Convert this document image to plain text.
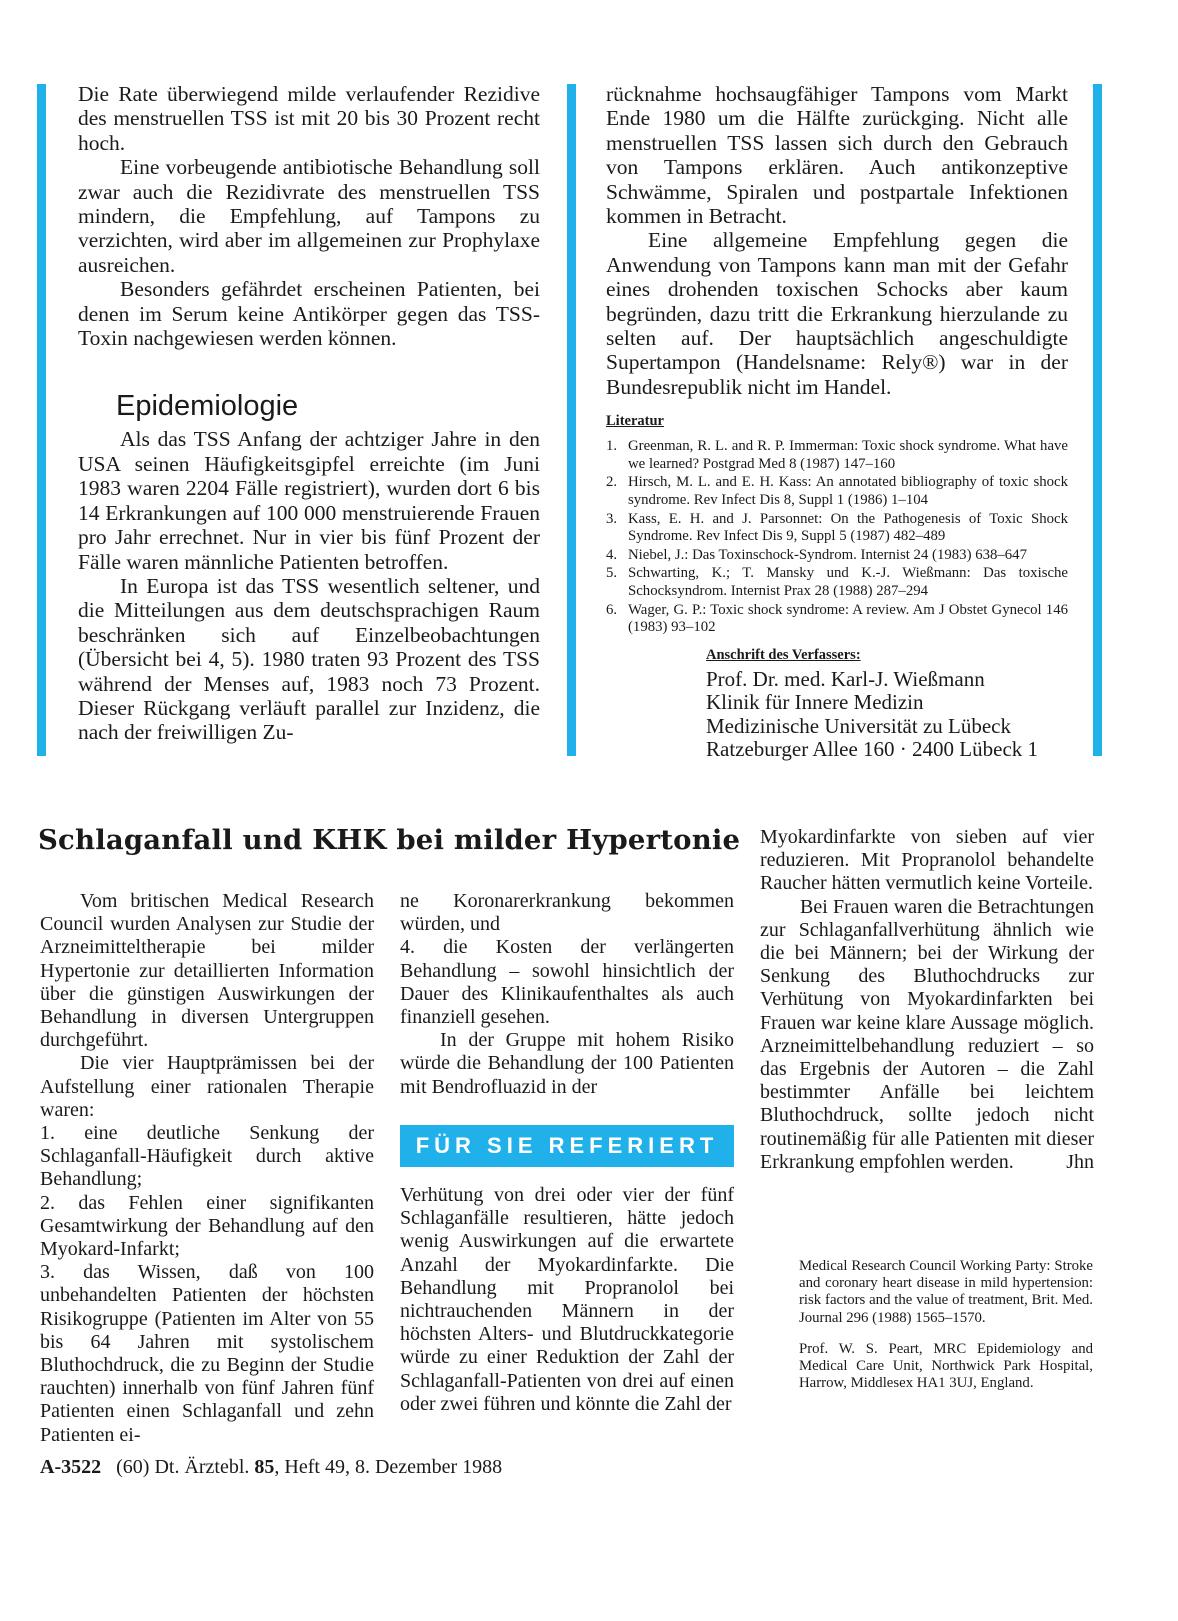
Die Rate überwiegend milde verlaufender Rezidive des menstruellen TSS ist mit 20 bis 30 Prozent recht hoch.

Eine vorbeugende antibiotische Behandlung soll zwar auch die Rezidivrate des menstruellen TSS mindern, die Empfehlung, auf Tampons zu verzichten, wird aber im allgemeinen zur Prophylaxe ausreichen.

Besonders gefährdet erscheinen Patienten, bei denen im Serum keine Antikörper gegen das TSS-Toxin nachgewiesen werden können.

Epidemiologie

Als das TSS Anfang der achtziger Jahre in den USA seinen Häufigkeitsgipfel erreichte (im Juni 1983 waren 2204 Fälle registriert), wurden dort 6 bis 14 Erkrankungen auf 100 000 menstruierende Frauen pro Jahr errechnet. Nur in vier bis fünf Prozent der Fälle waren männliche Patienten betroffen.

In Europa ist das TSS wesentlich seltener, und die Mitteilungen aus dem deutschsprachigen Raum beschränken sich auf Einzelbeobachtungen (Übersicht bei 4, 5). 1980 traten 93 Prozent des TSS während der Menses auf, 1983 noch 73 Prozent. Dieser Rückgang verläuft parallel zur Inzidenz, die nach der freiwilligen Zu-

rücknahme hochsaugfähiger Tampons vom Markt Ende 1980 um die Hälfte zurückging. Nicht alle menstruellen TSS lassen sich durch den Gebrauch von Tampons erklären. Auch antikonzeptive Schwämme, Spiralen und postpartale Infektionen kommen in Betracht.

Eine allgemeine Empfehlung gegen die Anwendung von Tampons kann man mit der Gefahr eines drohenden toxischen Schocks aber kaum begründen, dazu tritt die Erkrankung hierzulande zu selten auf. Der hauptsächlich angeschuldigte Supertampon (Handelsname: Rely®) war in der Bundesrepublik nicht im Handel.

Literatur

1. Greenman, R. L. and R. P. Immerman: Toxic shock syndrome. What have we learned? Postgrad Med 8 (1987) 147–160
2. Hirsch, M. L. and E. H. Kass: An annotated bibliography of toxic shock syndrome. Rev Infect Dis 8, Suppl 1 (1986) 1–104
3. Kass, E. H. and J. Parsonnet: On the Pathogenesis of Toxic Shock Syndrome. Rev Infect Dis 9, Suppl 5 (1987) 482–489
4. Niebel, J.: Das Toxinschock-Syndrom. Internist 24 (1983) 638–647
5. Schwarting, K.; T. Mansky und K.-J. Wießmann: Das toxische Schocksyndrom. Internist Prax 28 (1988) 287–294
6. Wager, G. P.: Toxic shock syndrome: A review. Am J Obstet Gynecol 146 (1983) 93–102

Anschrift des Verfassers:

Prof. Dr. med. Karl-J. Wießmann

Klinik für Innere Medizin

Medizinische Universität zu Lübeck

Ratzeburger Allee 160 · 2400 Lübeck 1

Schlaganfall und KHK bei milder Hypertonie

Vom britischen Medical Research Council wurden Analysen zur Studie der Arzneimitteltherapie bei milder Hypertonie zur detaillierten Information über die günstigen Auswirkungen der Behandlung in diversen Untergruppen durchgeführt.

Die vier Hauptprämissen bei der Aufstellung einer rationalen Therapie waren:

1. eine deutliche Senkung der Schlaganfall-Häufigkeit durch aktive Behandlung;

2. das Fehlen einer signifikanten Gesamtwirkung der Behandlung auf den Myokard-Infarkt;

3. das Wissen, daß von 100 unbehandelten Patienten der höchsten Risikogruppe (Patienten im Alter von 55 bis 64 Jahren mit systolischem Bluthochdruck, die zu Beginn der Studie rauchten) innerhalb von fünf Jahren fünf Patienten einen Schlaganfall und zehn Patienten ei-

ne Koronarerkrankung bekommen würden, und

4. die Kosten der verlängerten Behandlung – sowohl hinsichtlich der Dauer des Klinikaufenthaltes als auch finanziell gesehen.

In der Gruppe mit hohem Risiko würde die Behandlung der 100 Patienten mit Bendrofluazid in der

FÜR SIE REFERIERT

Verhütung von drei oder vier der fünf Schlaganfälle resultieren, hätte jedoch wenig Auswirkungen auf die erwartete Anzahl der Myokardinfarkte. Die Behandlung mit Propranolol bei nichtrauchenden Männern in der höchsten Alters- und Blutdruckkategorie würde zu einer Reduktion der Zahl der Schlaganfall-Patienten von drei auf einen oder zwei führen und könnte die Zahl der

Myokardinfarkte von sieben auf vier reduzieren. Mit Propranolol behandelte Raucher hätten vermutlich keine Vorteile.

Bei Frauen waren die Betrachtungen zur Schlaganfallverhütung ähnlich wie die bei Männern; bei der Wirkung der Senkung des Bluthochdrucks zur Verhütung von Myokardinfarkten bei Frauen war keine klare Aussage möglich. Arzneimittelbehandlung reduziert – so das Ergebnis der Autoren – die Zahl bestimmter Anfälle bei leichtem Bluthochdruck, sollte jedoch nicht routinemäßig für alle Patienten mit dieser Erkrankung empfohlen werden.	Jhn

Medical Research Council Working Party: Stroke and coronary heart disease in mild hypertension: risk factors and the value of treatment, Brit. Med. Journal 296 (1988) 1565–1570.

Prof. W. S. Peart, MRC Epidemiology and Medical Care Unit, Northwick Park Hospital, Harrow, Middlesex HA1 3UJ, England.

A-3522 (60) Dt. Ärztebl. 85, Heft 49, 8. Dezember 1988
